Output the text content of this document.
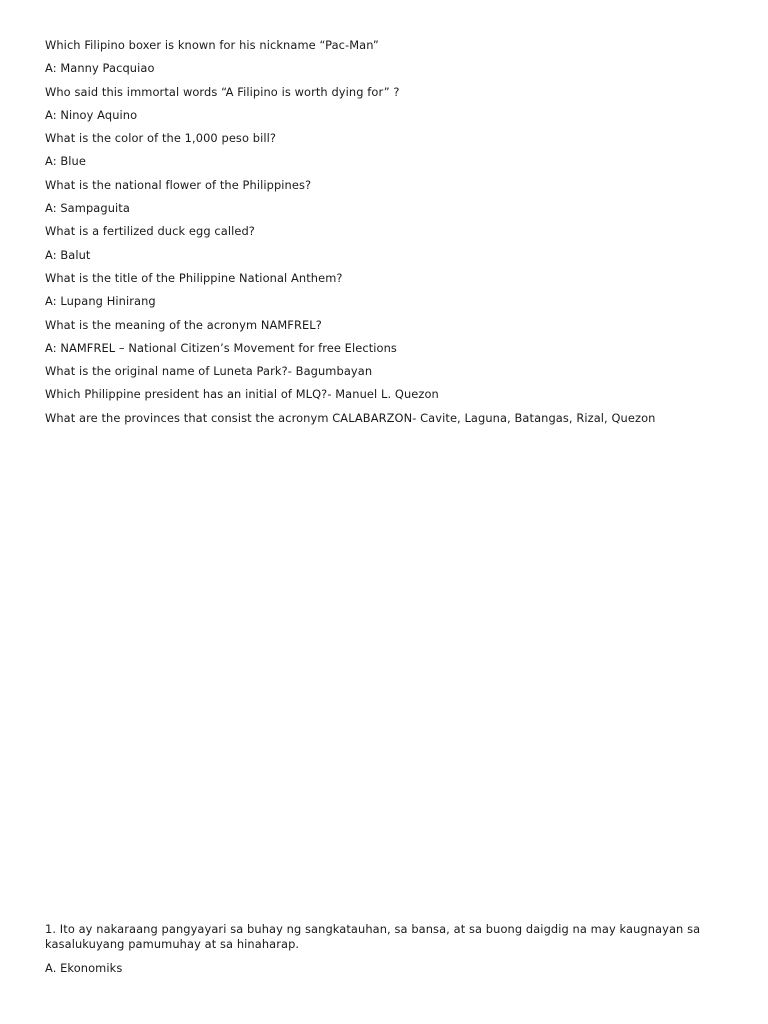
Which Filipino boxer is known for his nickname “Pac-Man”
A: Manny Pacquiao
Who said this immortal words “A Filipino is worth dying for” ?
A: Ninoy Aquino
What is the color of the 1,000 peso bill?
A: Blue
What is the national flower of the Philippines?
A: Sampaguita
What is a fertilized duck egg called?
A: Balut
What is the title of the Philippine National Anthem?
A: Lupang Hinirang
What is the meaning of the acronym NAMFREL?
A: NAMFREL – National Citizen’s Movement for free Elections
What is the original name of Luneta Park?- Bagumbayan
Which Philippine president has an initial of MLQ?- Manuel L. Quezon
What are the provinces that consist the acronym CALABARZON- Cavite, Laguna, Batangas, Rizal, Quezon

1. Ito ay nakaraang pangyayari sa buhay ng sangkatauhan, sa bansa, at sa buong daigdig na may kaugnayan sa kasalukuyang pamumuhay at sa hinaharap.

A. Ekonomiks
